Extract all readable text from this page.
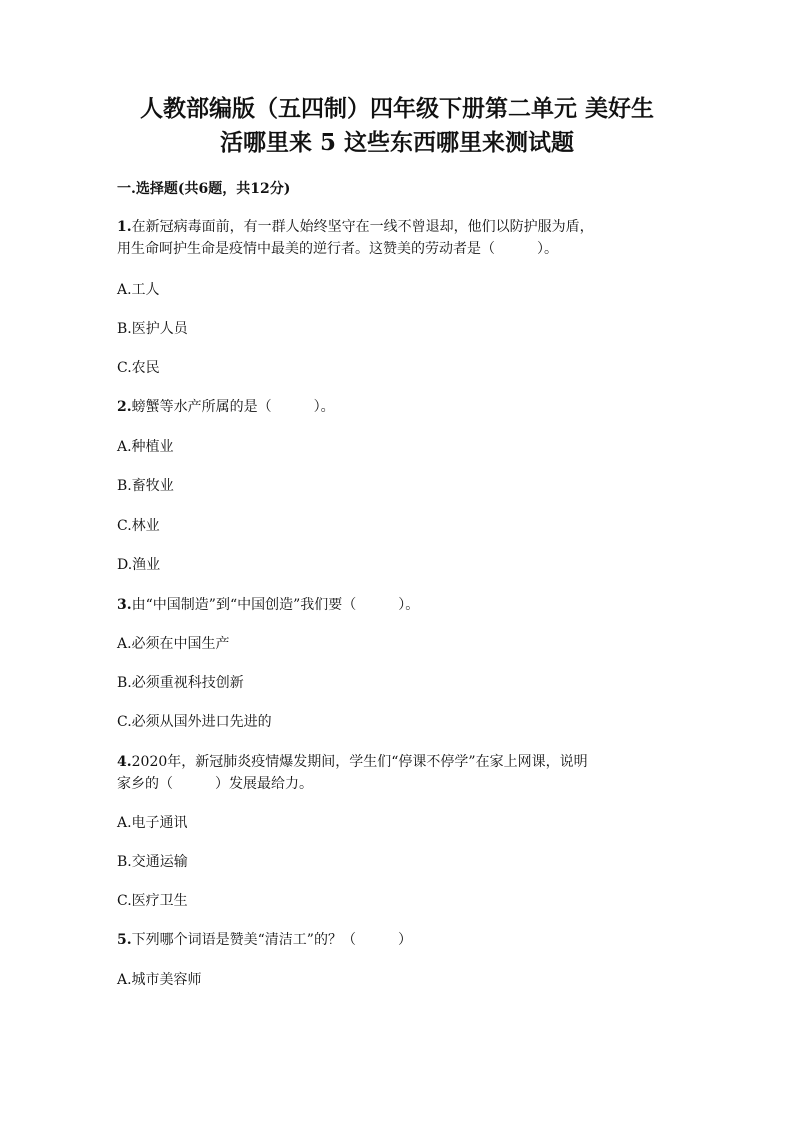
人教部编版（五四制）四年级下册第二单元 美好生
活哪里来 5 这些东西哪里来测试题
一.选择题(共6题，共12分)
1.在新冠病毒面前，有一群人始终坚守在一线不曾退却，他们以防护服为盾，
用生命呵护生命是疫情中最美的逆行者。这赞美的劳动者是（　　　）。
A.工人
B.医护人员
C.农民
2.螃蟹等水产所属的是（　　　）。
A.种植业
B.畜牧业
C.林业
D.渔业
3.由“中国制造”到“中国创造”我们要（　　　）。
A.必须在中国生产
B.必须重视科技创新
C.必须从国外进口先进的
4.2020年，新冠肺炎疫情爆发期间，学生们“停课不停学”在家上网课，说明
家乡的（　　　）发展最给力。
A.电子通讯
B.交通运输
C.医疗卫生
5.下列哪个词语是赞美“清洁工”的？（　　　）
A.城市美容师
